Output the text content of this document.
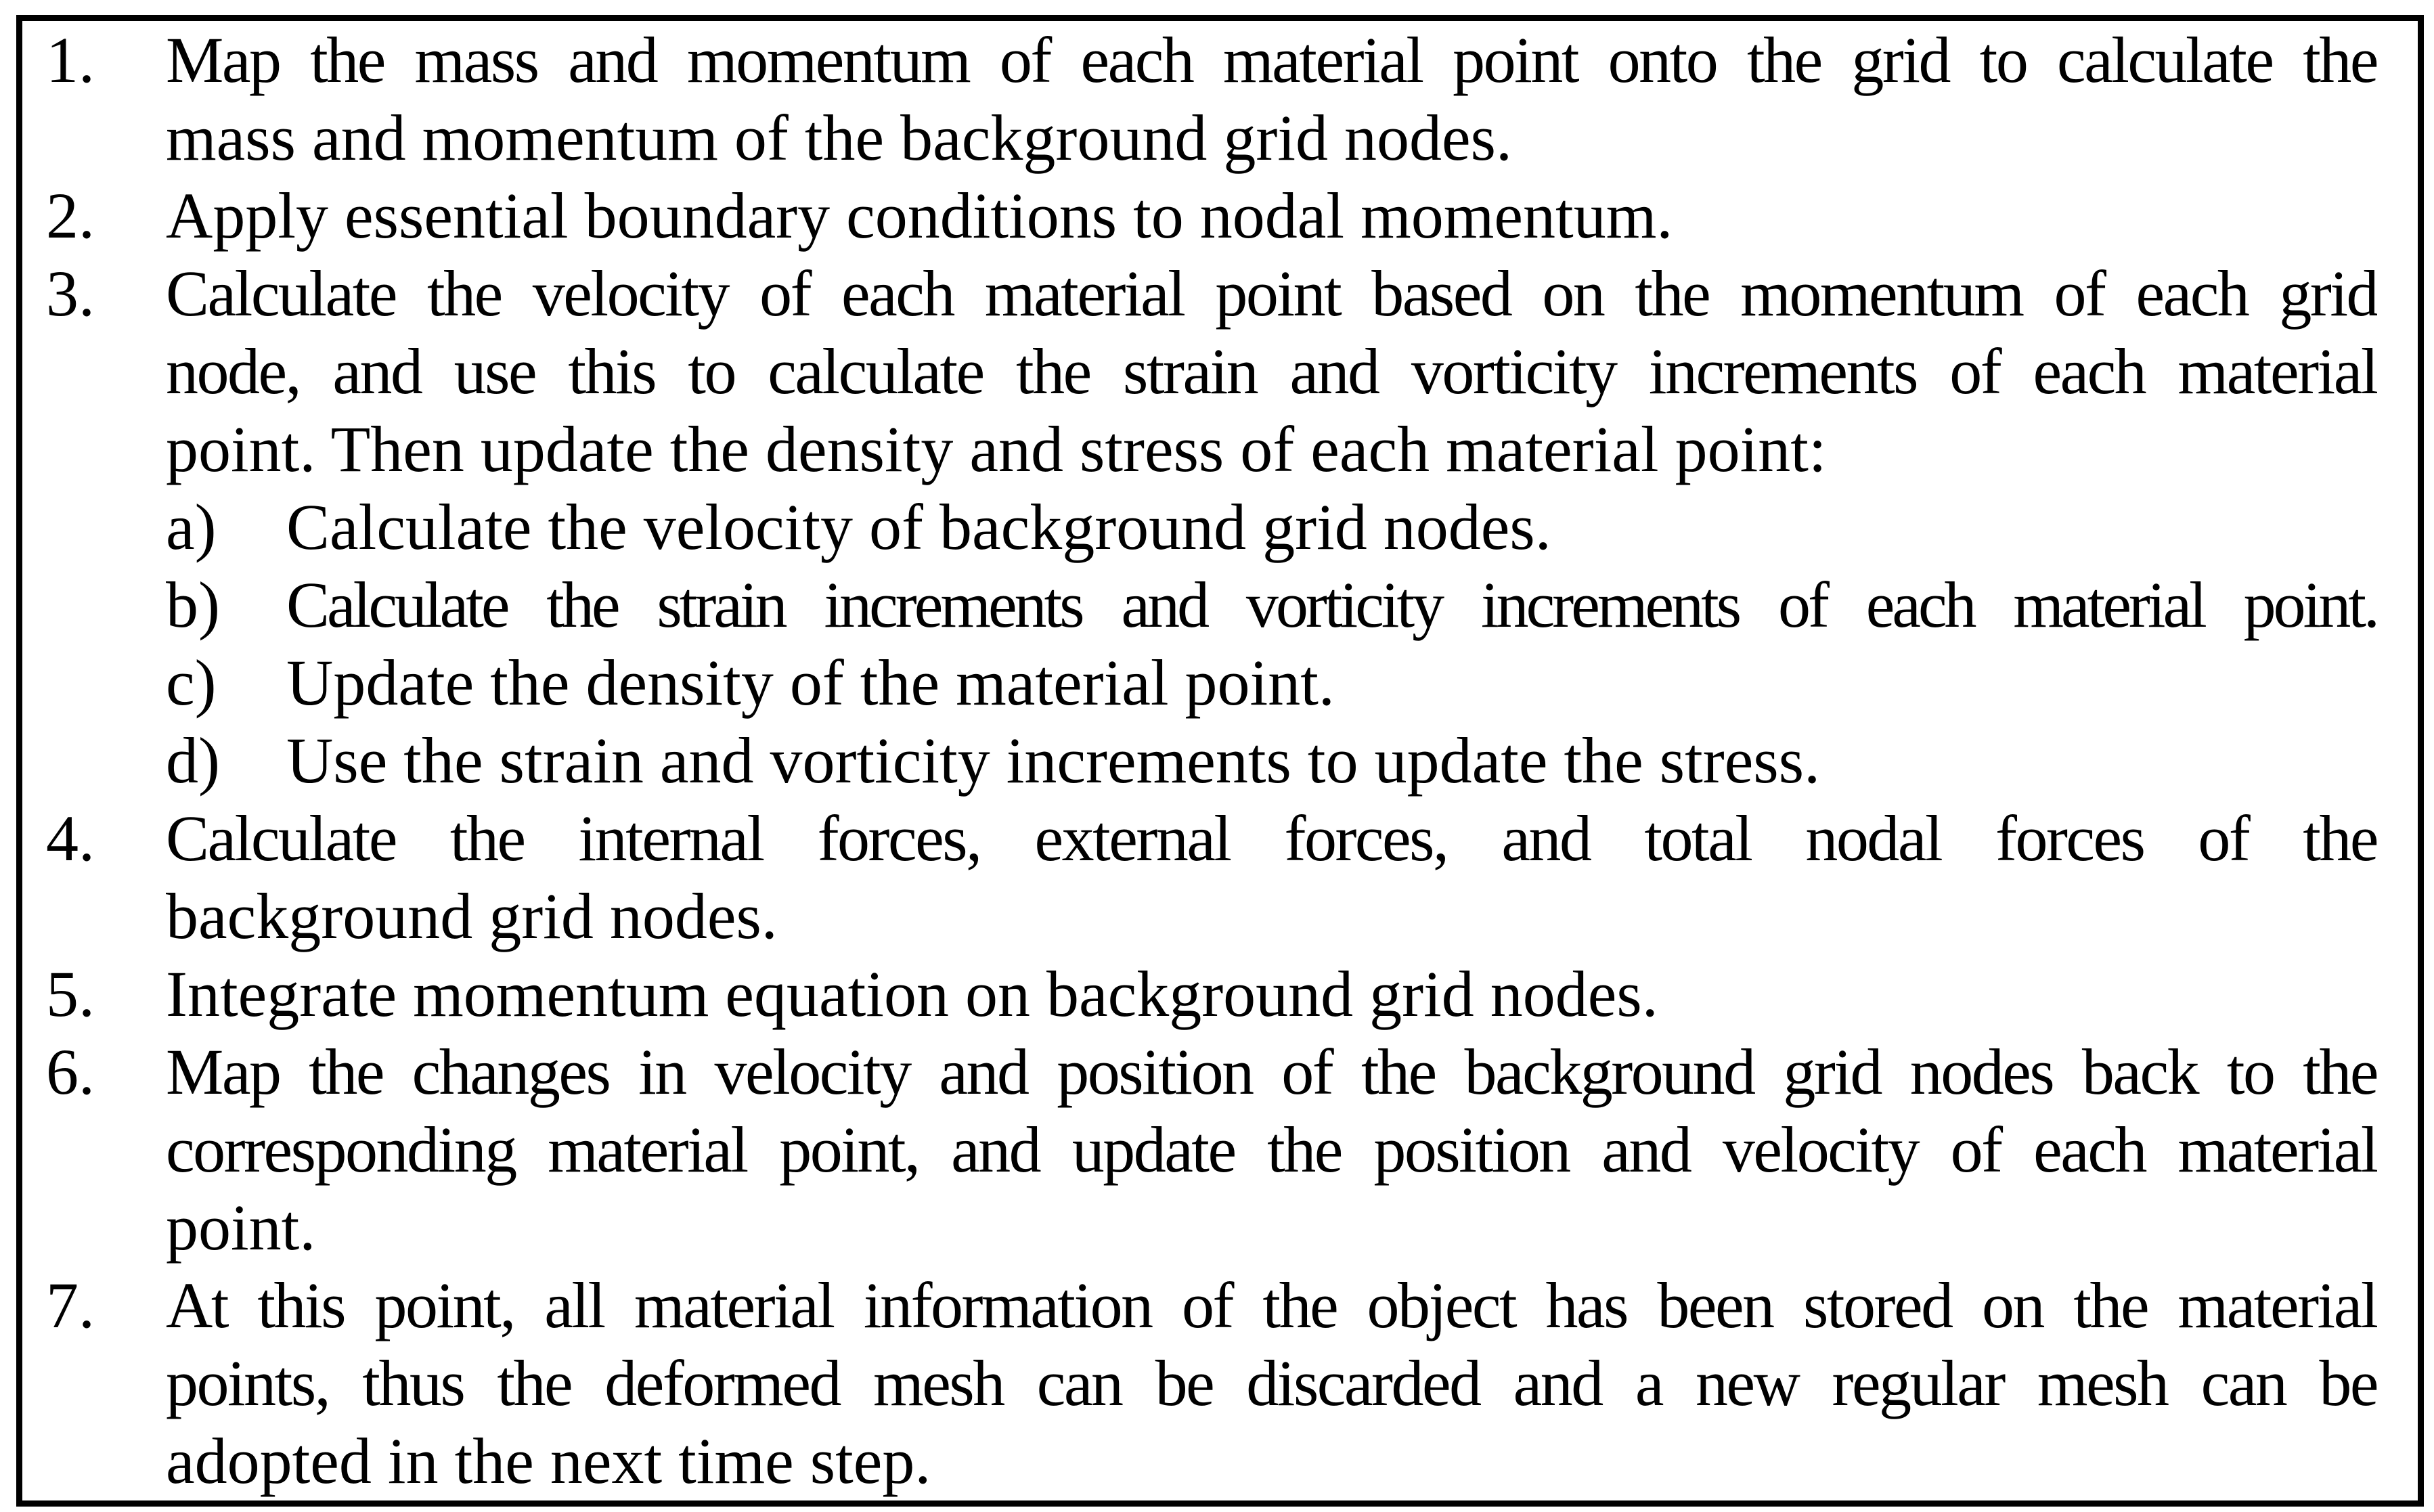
1.	Map the mass and momentum of each material point onto the grid to calculate the
mass and momentum of the background grid nodes.
2.	Apply essential boundary conditions to nodal momentum.
3.	Calculate the velocity of each material point based on the momentum of each grid
node, and use this to calculate the strain and vorticity increments of each material
point. Then update the density and stress of each material point:
a)	Calculate the velocity of background grid nodes.
b)	Calculate the strain increments and vorticity increments of each material point.
c)	Update the density of the material point.
d)	Use the strain and vorticity increments to update the stress.
4.	Calculate the internal forces, external forces, and total nodal forces of the
background grid nodes.
5.	Integrate momentum equation on background grid nodes.
6.	Map the changes in velocity and position of the background grid nodes back to the
corresponding material point, and update the position and velocity of each material
point.
7.	At this point, all material information of the object has been stored on the material
points, thus the deformed mesh can be discarded and a new regular mesh can be
adopted in the next time step.
